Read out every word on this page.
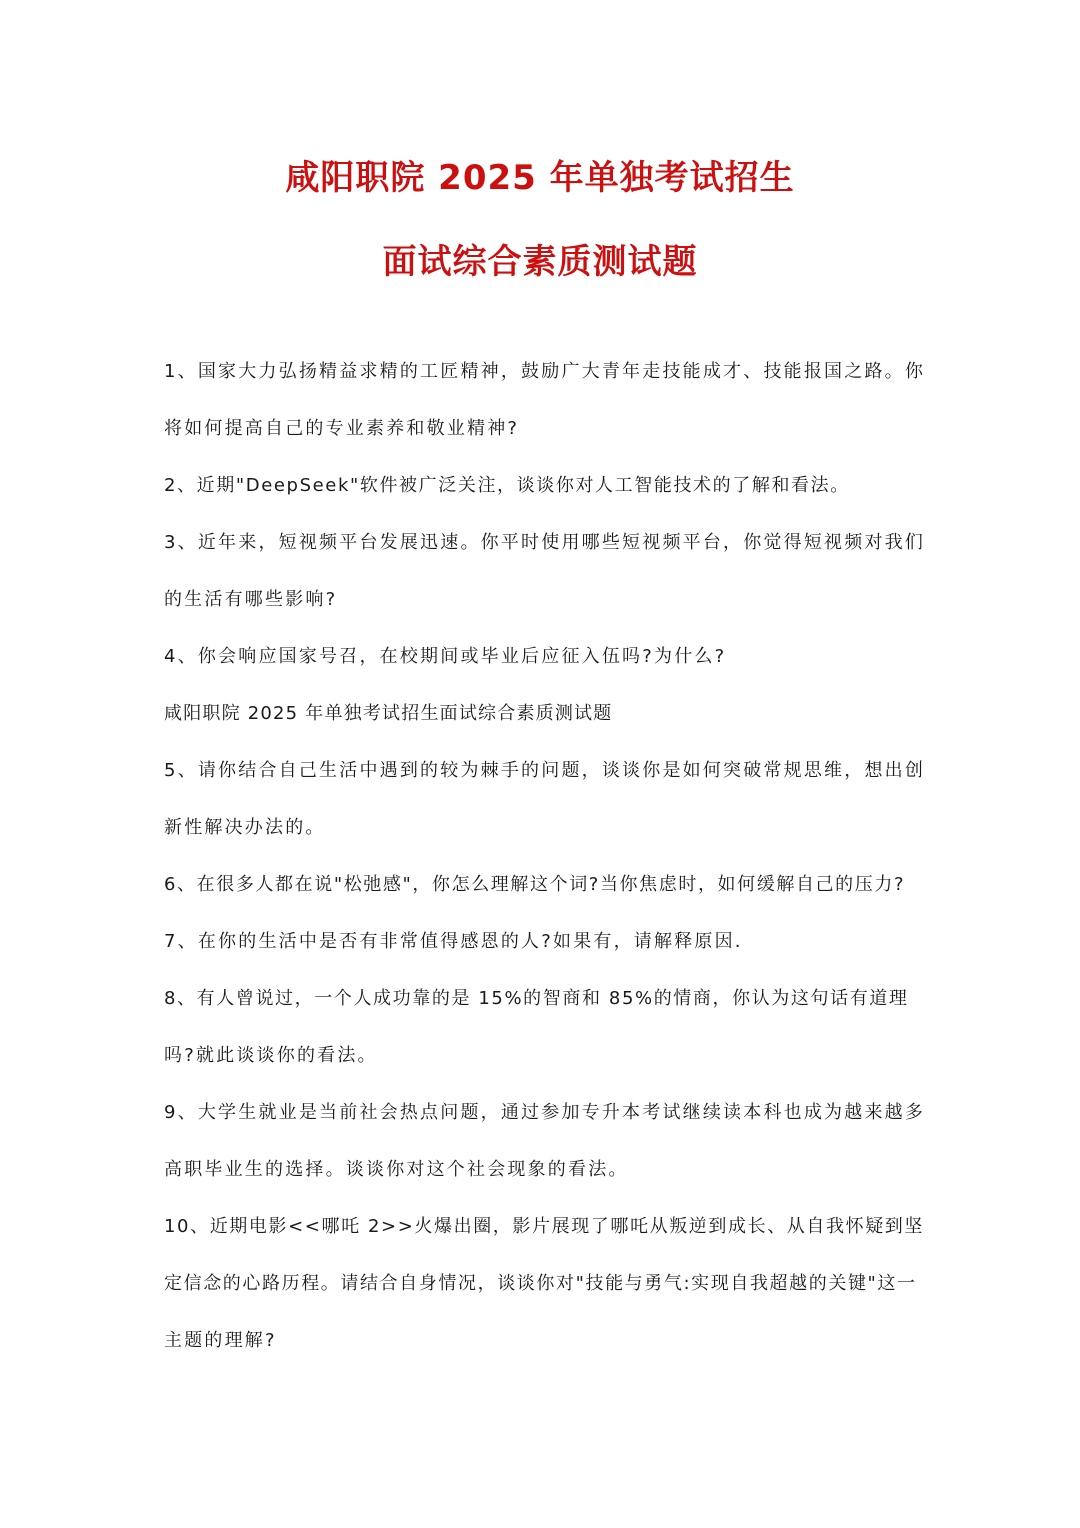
咸阳职院 2025 年单独考试招生
面试综合素质测试题
1、国家大力弘扬精益求精的工匠精神，鼓励广大青年走技能成才、技能报国之路。你
将如何提高自己的专业素养和敬业精神?
2、近期"DeepSeek"软件被广泛关注，谈谈你对人工智能技术的了解和看法。
3、近年来，短视频平台发展迅速。你平时使用哪些短视频平台，你觉得短视频对我们
的生活有哪些影响?
4、你会响应国家号召，在校期间或毕业后应征入伍吗?为什么?
咸阳职院 2025 年单独考试招生面试综合素质测试题
5、请你结合自己生活中遇到的较为棘手的问题，谈谈你是如何突破常规思维，想出创
新性解决办法的。
6、在很多人都在说"松弛感"，你怎么理解这个词?当你焦虑时，如何缓解自己的压力?
7、在你的生活中是否有非常值得感恩的人?如果有，请解释原因.
8、有人曾说过，一个人成功靠的是 15%的智商和 85%的情商，你认为这句话有道理
吗?就此谈谈你的看法。
9、大学生就业是当前社会热点问题，通过参加专升本考试继续读本科也成为越来越多
高职毕业生的选择。谈谈你对这个社会现象的看法。
10、近期电影<<哪吒 2>>火爆出圈，影片展现了哪吒从叛逆到成长、从自我怀疑到坚
定信念的心路历程。请结合自身情况，谈谈你对"技能与勇气:实现自我超越的关键"这一
主题的理解?
